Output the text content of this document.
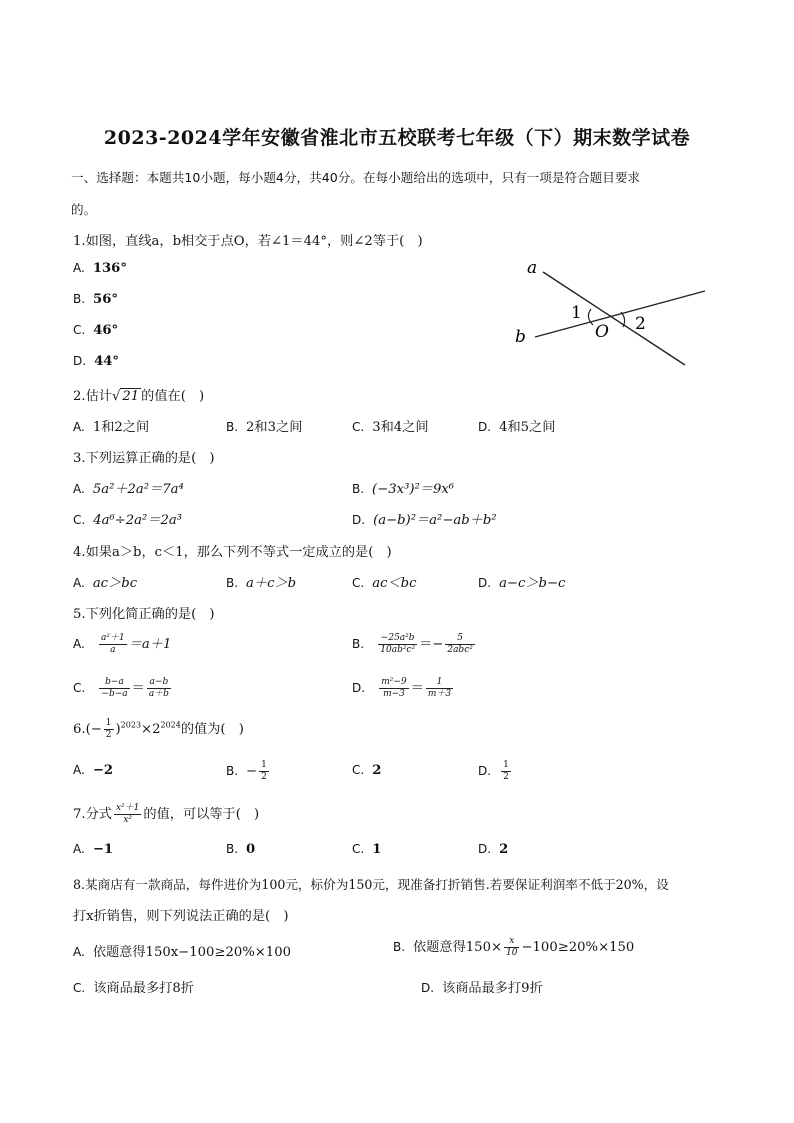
2023-2024学年安徽省淮北市五校联考七年级（下）期末数学试卷
一、选择题：本题共10小题，每小题4分，共40分。在每小题给出的选项中，只有一项是符合题目要求
的。
1.如图，直线a，b相交于点O，若∠1＝44°，则∠2等于(　)
A. 136°
B. 56°
C. 46°
D. 44°
a
b	O
1
2
2.估计√ 21 的值在(　)
A. 1和2之间	B. 2和3之间	C. 3和4之间	D. 4和5之间
3.下列运算正确的是(　)
A. 5a²＋2a²＝7a⁴	B. (−3x³)²＝9x⁶
C. 4a⁶÷2a²＝2a³	D. (a−b)²＝a²−ab＋b²
4.如果a＞b，c＜1，那么下列不等式一定成立的是(　)
A. ac＞bc	B. a＋c＞b	C. ac＜bc	D. a−c＞b−c
5.下列化简正确的是(　)
A. $\frac{\text{a²＋1}}{a} =a+1$	B. $\frac{\text{−25a²b}}{\text{10ab²c²}} =- \frac{5}{\text{2abc²}}$
C. $\frac{b-a}{-b-a} = \frac{a-b}{a+b}$	D. $\frac{\text{m²−9}}{m-3} = \frac{1}{m+3}$
$6.(- \frac{1}{2} )^{2023}\times 2^{2024}$的值为(　)
A. −2	B. − $\frac{1}{2}$	C. 2	D. $\frac{1}{2}$
7.分式 $\frac{\text{x²＋1}}{\text{x²}}$ 的值，可以等于(　)
A. −1	B. 0	C. 1	D. 2
8.某商店有一款商品，每件进价为100元，标价为150元，现准备打折销售.若要保证利润率不低于20%，设
打x折销售，则下列说法正确的是(　)
A. 依题意得150x−100≥20%×100	B. 依题意得$150\times \frac{x}{10} -100\ge 20\%\times 150$
C. 该商品最多打8折	D. 该商品最多打9折
